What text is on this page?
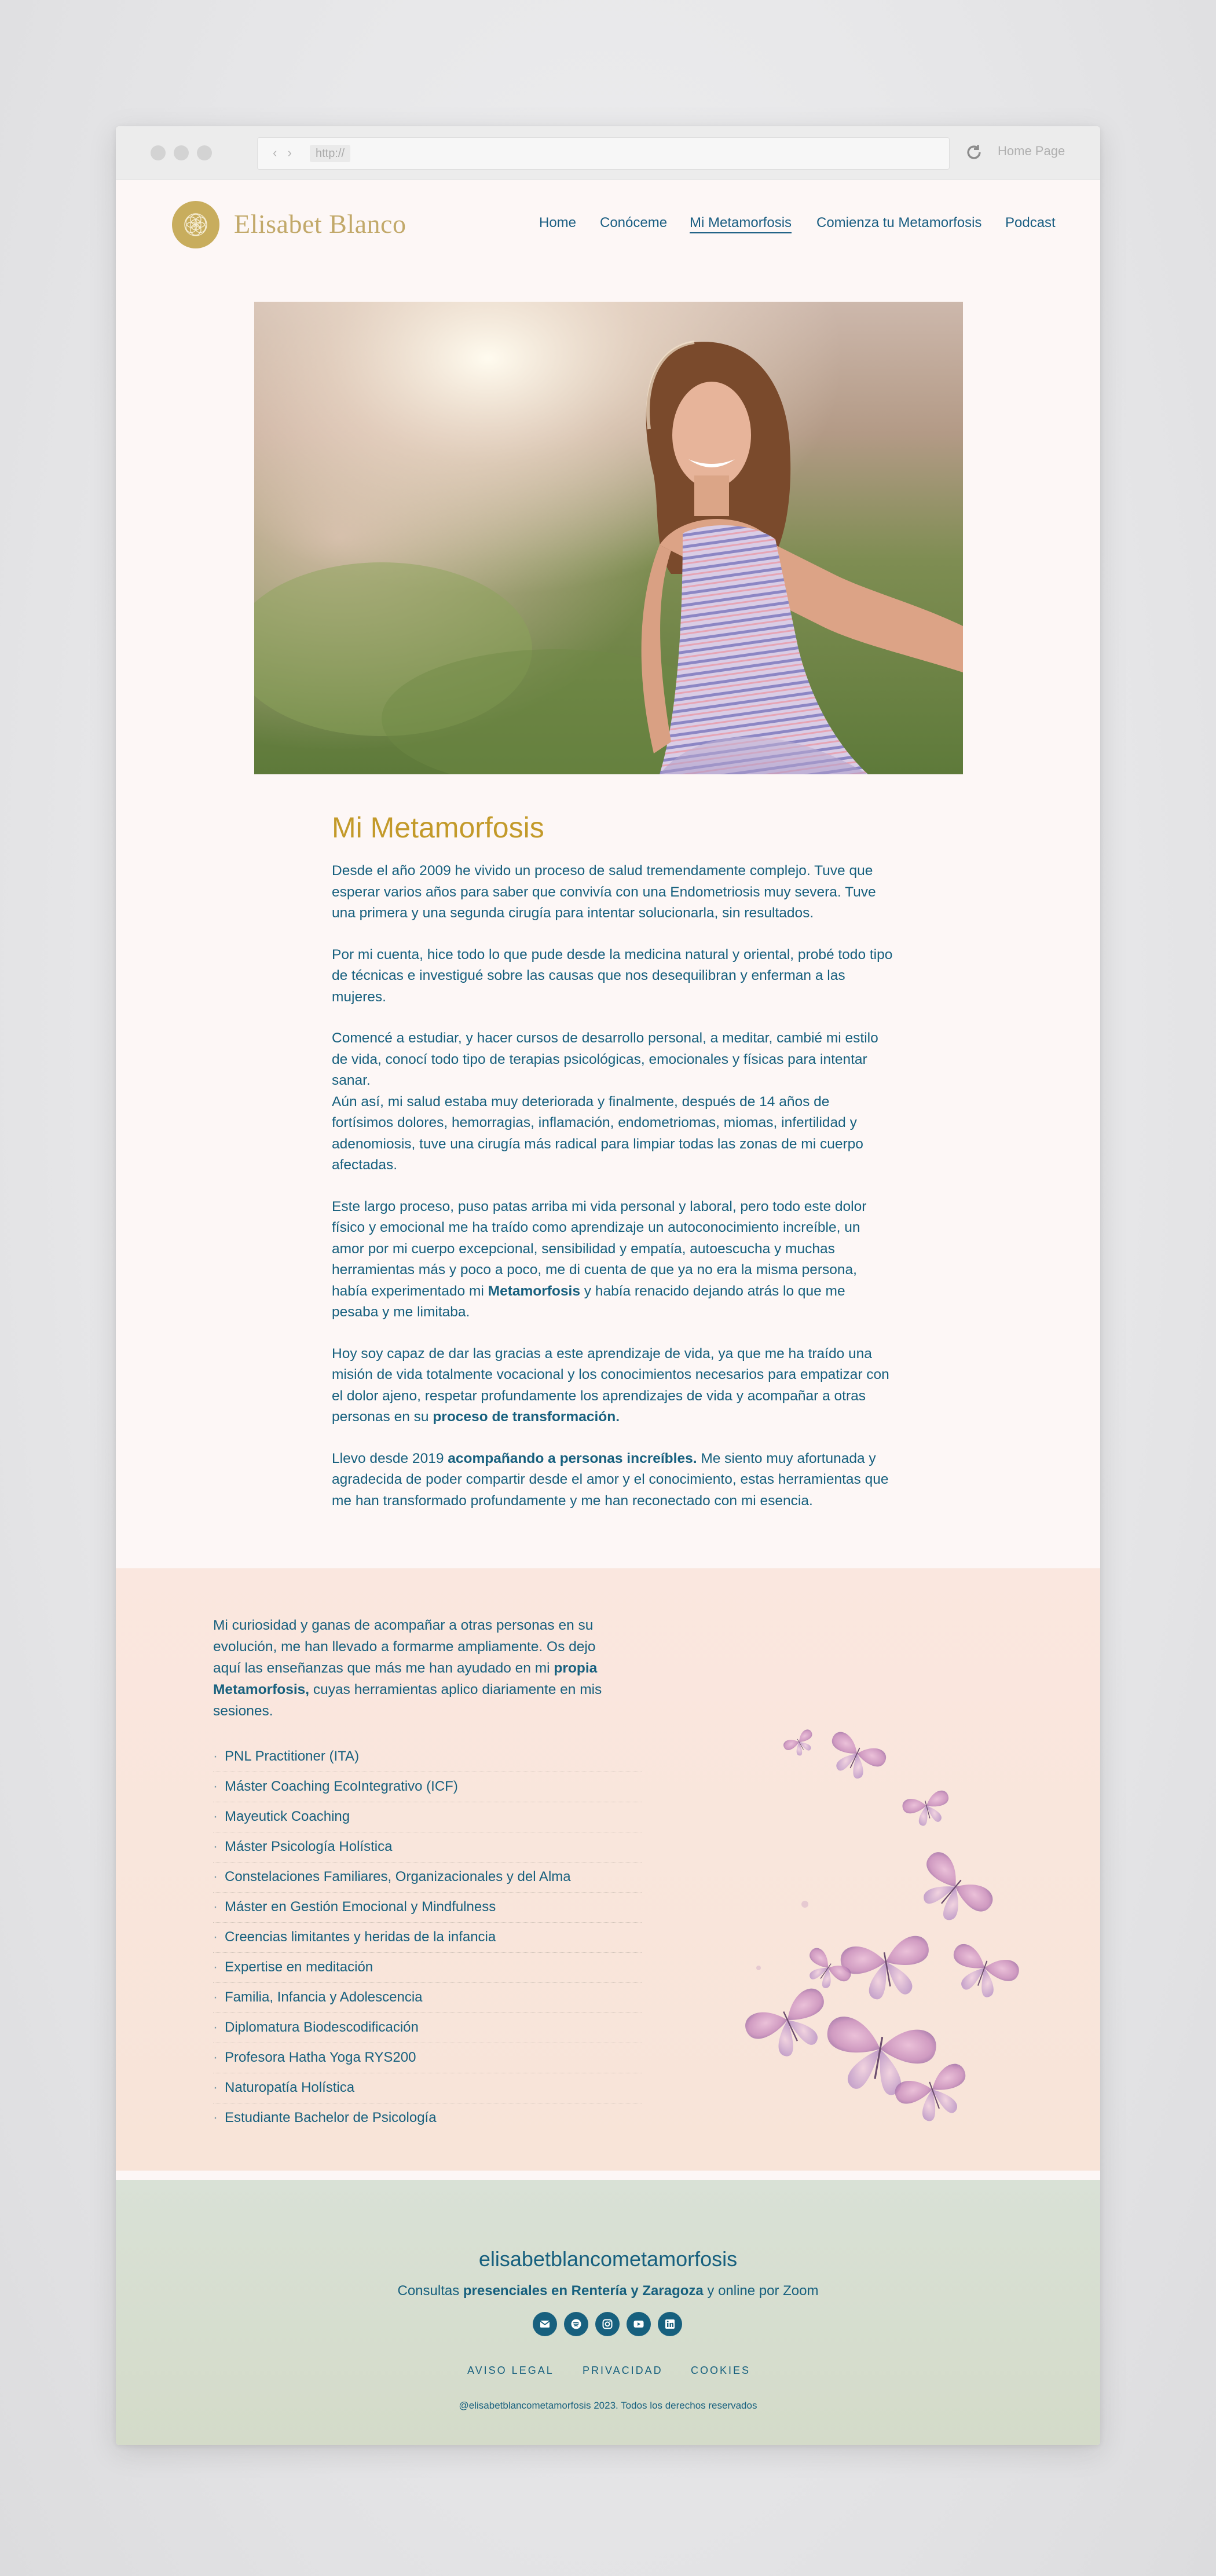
‹ ›	http://	Home Page
Elisabet Blanco	Home Conóceme Mi Metamorfosis Comienza tu Metamorfosis Podcast
Mi Metamorfosis

Desde el año 2009 he vivido un proceso de salud tremendamente complejo. Tuve que esperar varios años para saber que convivía con una Endometriosis muy severa. Tuve una primera y una segunda cirugía para intentar solucionarla, sin resultados.

Por mi cuenta, hice todo lo que pude desde la medicina natural y oriental, probé todo tipo de técnicas e investigué sobre las causas que nos desequilibran y enferman a las mujeres.

Comencé a estudiar, y hacer cursos de desarrollo personal, a meditar, cambié mi estilo de vida, conocí todo tipo de terapias psicológicas, emocionales y físicas para intentar sanar.
Aún así, mi salud estaba muy deteriorada y finalmente, después de 14 años de fortísimos dolores, hemorragias, inflamación, endometriomas, miomas, infertilidad y adenomiosis, tuve una cirugía más radical para limpiar todas las zonas de mi cuerpo afectadas.

Este largo proceso, puso patas arriba mi vida personal y laboral, pero todo este dolor físico y emocional me ha traído como aprendizaje un autoconocimiento increíble, un amor por mi cuerpo excepcional, sensibilidad y empatía, autoescucha y muchas herramientas más y poco a poco, me di cuenta de que ya no era la misma persona, había experimentado mi Metamorfosis y había renacido dejando atrás lo que me pesaba y me limitaba.

Hoy soy capaz de dar las gracias a este aprendizaje de vida, ya que me ha traído una misión de vida totalmente vocacional y los conocimientos necesarios para empatizar con el dolor ajeno, respetar profundamente los aprendizajes de vida y acompañar a otras personas en su proceso de transformación.

Llevo desde 2019 acompañando a personas increíbles. Me siento muy afortunada y agradecida de poder compartir desde el amor y el conocimiento, estas herramientas que me han transformado profundamente y me han reconectado con mi esencia.

Mi curiosidad y ganas de acompañar a otras personas en su evolución, me han llevado a formarme ampliamente. Os dejo aquí las enseñanzas que más me han ayudado en mi propia Metamorfosis, cuyas herramientas aplico diariamente en mis sesiones.
· PNL Practitioner (ITA)
· Máster Coaching EcoIntegrativo (ICF)
· Mayeutick Coaching
· Máster Psicología Holística
· Constelaciones Familiares, Organizacionales y del Alma
· Máster en Gestión Emocional y Mindfulness
· Creencias limitantes y heridas de la infancia
· Expertise en meditación
· Familia, Infancia y Adolescencia
· Diplomatura Biodescodificación
· Profesora Hatha Yoga RYS200
· Naturopatía Holística
· Estudiante Bachelor de Psicología
elisabetblancometamorfosis
Consultas presenciales en Rentería y Zaragoza y online por Zoom
AVISO LEGAL	PRIVACIDAD	COOKIES
@elisabetblancometamorfosis 2023. Todos los derechos reservados
